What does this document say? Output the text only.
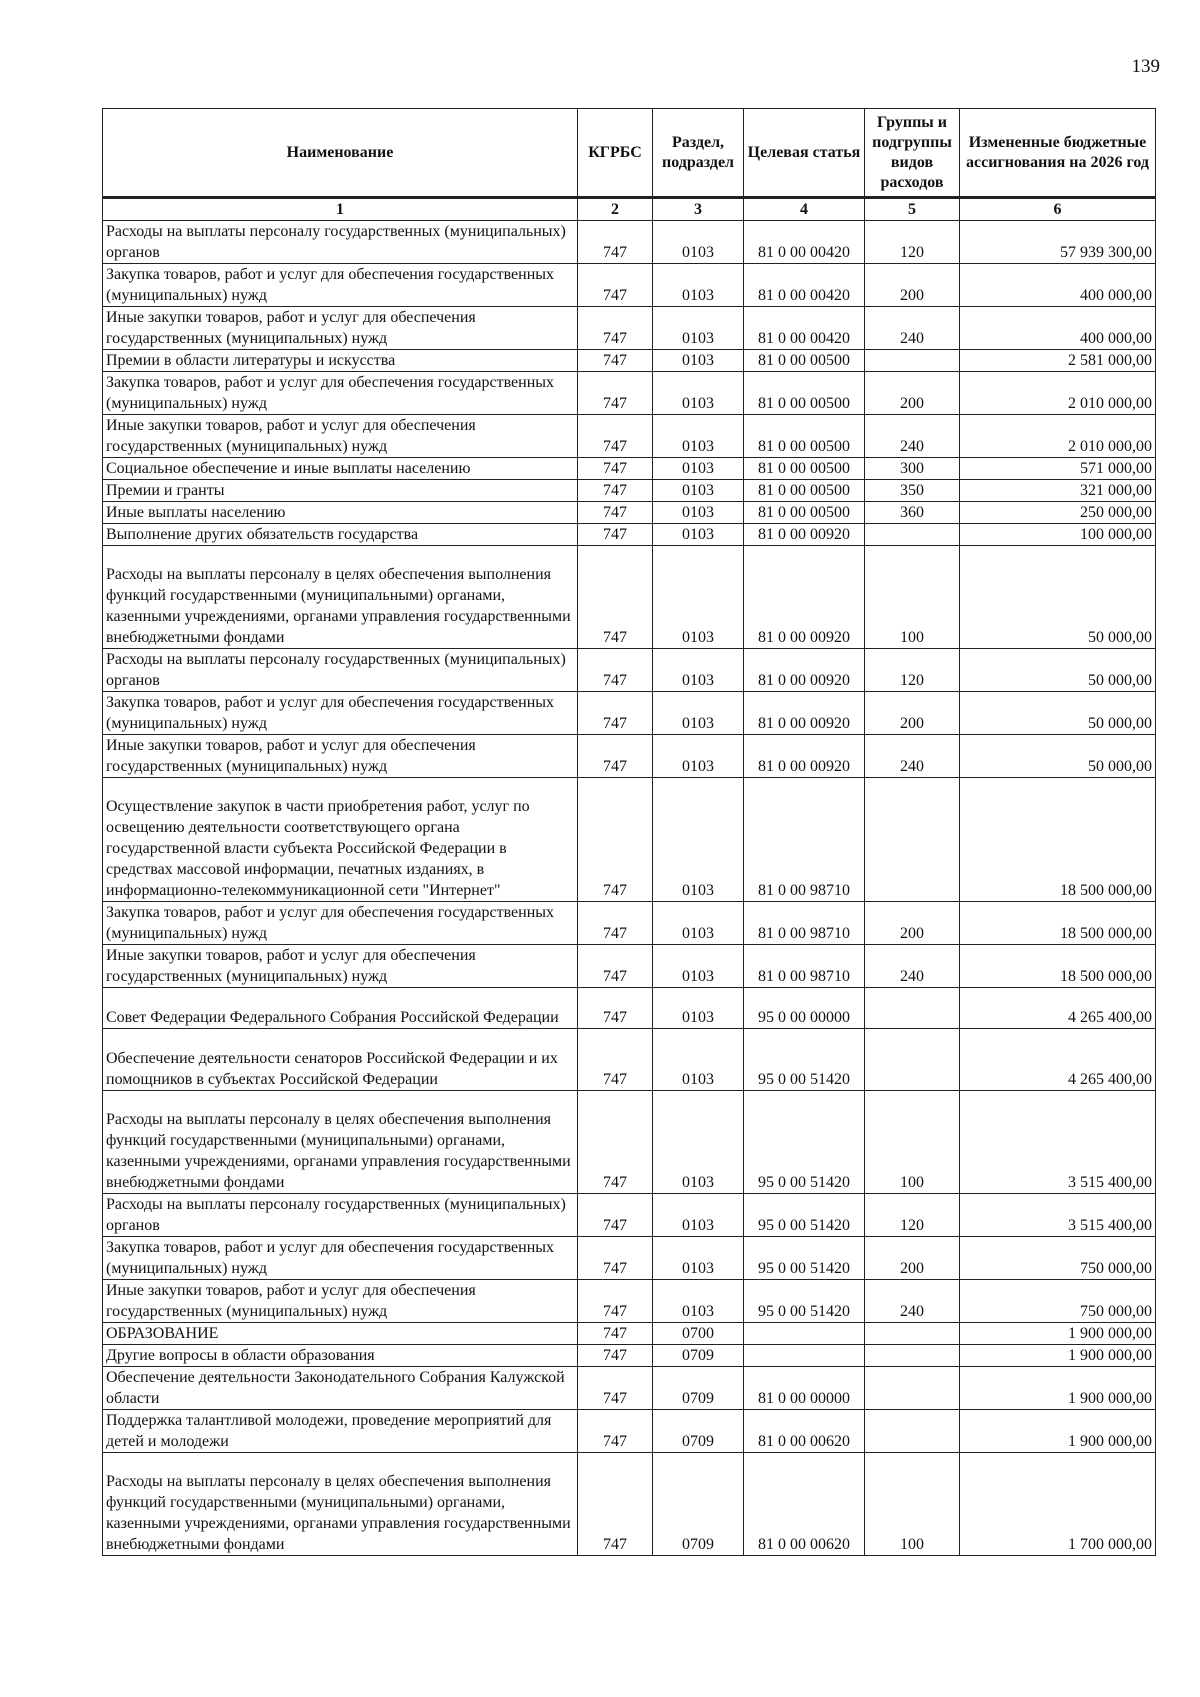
139
Наименование	КГРБС	Раздел, подраздел	Целевая статья	Группы и подгруппы видов расходов	Измененные бюджетные ассигнования на 2026 год
1	2	3	4	5	6
Расходы на выплаты персоналу государственных (муниципальных) органов	747	0103	81 0 00 00420	120	57 939 300,00
Закупка товаров, работ и услуг для обеспечения государственных (муниципальных) нужд	747	0103	81 0 00 00420	200	400 000,00
Иные закупки товаров, работ и услуг для обеспечения государственных (муниципальных) нужд	747	0103	81 0 00 00420	240	400 000,00
Премии в области литературы и искусства	747	0103	81 0 00 00500		2 581 000,00
Закупка товаров, работ и услуг для обеспечения государственных (муниципальных) нужд	747	0103	81 0 00 00500	200	2 010 000,00
Иные закупки товаров, работ и услуг для обеспечения государственных (муниципальных) нужд	747	0103	81 0 00 00500	240	2 010 000,00
Социальное обеспечение и иные выплаты населению	747	0103	81 0 00 00500	300	571 000,00
Премии и гранты	747	0103	81 0 00 00500	350	321 000,00
Иные выплаты населению	747	0103	81 0 00 00500	360	250 000,00
Выполнение других обязательств государства	747	0103	81 0 00 00920		100 000,00
Расходы на выплаты персоналу в целях обеспечения выполнения функций государственными (муниципальными) органами, казенными учреждениями, органами управления государственными внебюджетными фондами	747	0103	81 0 00 00920	100	50 000,00
Расходы на выплаты персоналу государственных (муниципальных) органов	747	0103	81 0 00 00920	120	50 000,00
Закупка товаров, работ и услуг для обеспечения государственных (муниципальных) нужд	747	0103	81 0 00 00920	200	50 000,00
Иные закупки товаров, работ и услуг для обеспечения государственных (муниципальных) нужд	747	0103	81 0 00 00920	240	50 000,00
Осуществление закупок в части приобретения работ, услуг по освещению деятельности соответствующего органа государственной власти субъекта Российской Федерации в средствах массовой информации, печатных изданиях, в информационно-телекоммуникационной сети "Интернет"	747	0103	81 0 00 98710		18 500 000,00
Закупка товаров, работ и услуг для обеспечения государственных (муниципальных) нужд	747	0103	81 0 00 98710	200	18 500 000,00
Иные закупки товаров, работ и услуг для обеспечения государственных (муниципальных) нужд	747	0103	81 0 00 98710	240	18 500 000,00
Совет Федерации Федерального Собрания Российской Федерации	747	0103	95 0 00 00000		4 265 400,00
Обеспечение деятельности сенаторов Российской Федерации и их помощников в субъектах Российской Федерации	747	0103	95 0 00 51420		4 265 400,00
Расходы на выплаты персоналу в целях обеспечения выполнения функций государственными (муниципальными) органами, казенными учреждениями, органами управления государственными внебюджетными фондами	747	0103	95 0 00 51420	100	3 515 400,00
Расходы на выплаты персоналу государственных (муниципальных) органов	747	0103	95 0 00 51420	120	3 515 400,00
Закупка товаров, работ и услуг для обеспечения государственных (муниципальных) нужд	747	0103	95 0 00 51420	200	750 000,00
Иные закупки товаров, работ и услуг для обеспечения государственных (муниципальных) нужд	747	0103	95 0 00 51420	240	750 000,00
ОБРАЗОВАНИЕ	747	0700			1 900 000,00
Другие вопросы в области образования	747	0709			1 900 000,00
Обеспечение деятельности Законодательного Собрания Калужской области	747	0709	81 0 00 00000		1 900 000,00
Поддержка талантливой молодежи, проведение мероприятий для детей и молодежи	747	0709	81 0 00 00620		1 900 000,00
Расходы на выплаты персоналу в целях обеспечения выполнения функций государственными (муниципальными) органами, казенными учреждениями, органами управления государственными внебюджетными фондами	747	0709	81 0 00 00620	100	1 700 000,00
